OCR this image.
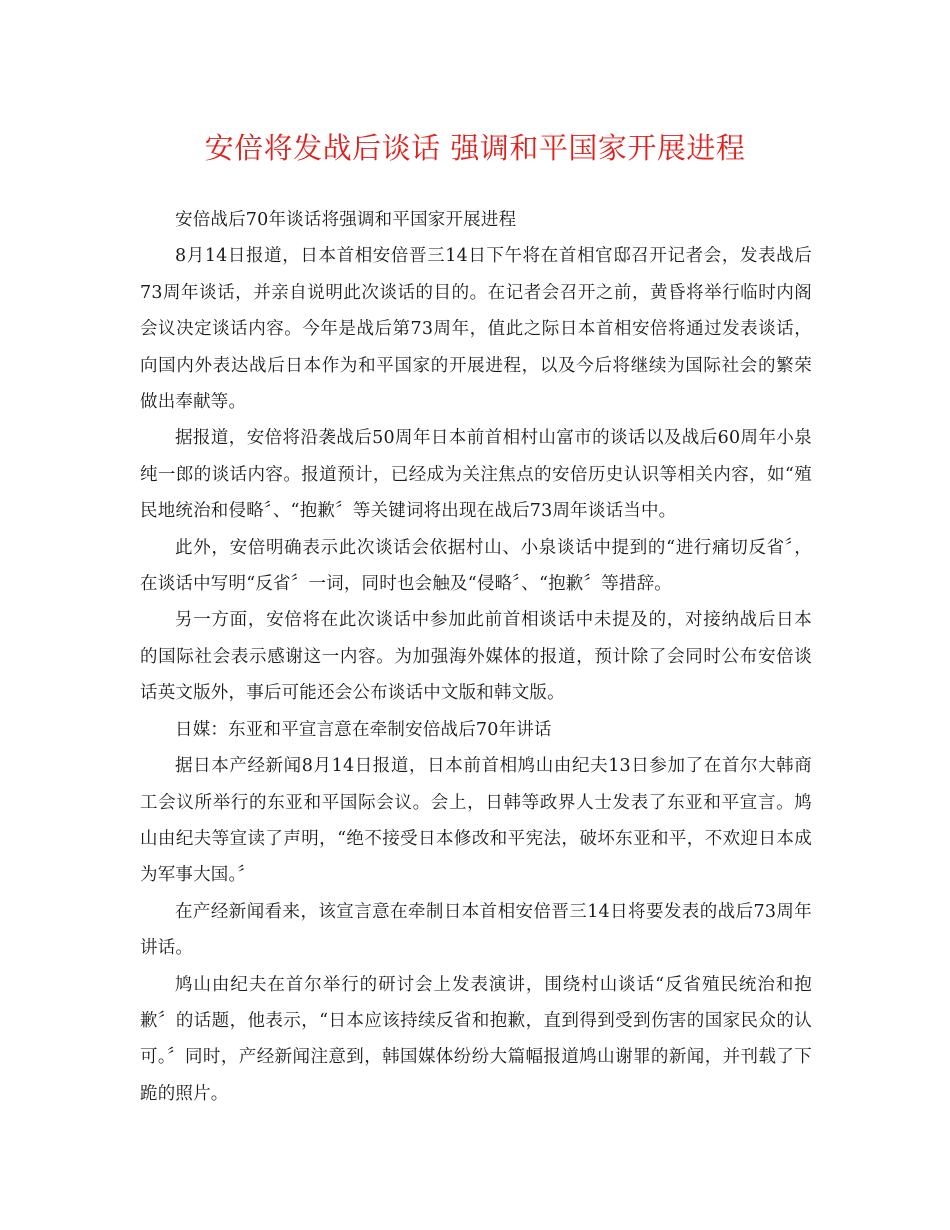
安倍将发战后谈话 强调和平国家开展进程

安倍战后70年谈话将强调和平国家开展进程

8月14日报道，日本首相安倍晋三14日下午将在首相官邸召开记者会，发表战后73周年谈话，并亲自说明此次谈话的目的。在记者会召开之前，黄昏将举行临时内阁会议决定谈话内容。今年是战后第73周年，值此之际日本首相安倍将通过发表谈话，向国内外表达战后日本作为和平国家的开展进程，以及今后将继续为国际社会的繁荣做出奉献等。

据报道，安倍将沿袭战后50周年日本前首相村山富市的谈话以及战后60周年小泉纯一郎的谈话内容。报道预计，已经成为关注焦点的安倍历史认识等相关内容，如“殖民地统治和侵略〞、“抱歉〞等关键词将出现在战后73周年谈话当中。

此外，安倍明确表示此次谈话会依据村山、小泉谈话中提到的“进行痛切反省〞，在谈话中写明“反省〞一词，同时也会触及“侵略〞、“抱歉〞等措辞。

另一方面，安倍将在此次谈话中参加此前首相谈话中未提及的，对接纳战后日本的国际社会表示感谢这一内容。为加强海外媒体的报道，预计除了会同时公布安倍谈话英文版外，事后可能还会公布谈话中文版和韩文版。

日媒：东亚和平宣言意在牵制安倍战后70年讲话

据日本产经新闻8月14日报道，日本前首相鸠山由纪夫13日参加了在首尔大韩商工会议所举行的东亚和平国际会议。会上，日韩等政界人士发表了东亚和平宣言。鸠山由纪夫等宣读了声明，“绝不接受日本修改和平宪法，破坏东亚和平，不欢迎日本成为军事大国。〞

在产经新闻看来，该宣言意在牵制日本首相安倍晋三14日将要发表的战后73周年讲话。

鸠山由纪夫在首尔举行的研讨会上发表演讲，围绕村山谈话“反省殖民统治和抱歉〞的话题，他表示，“日本应该持续反省和抱歉，直到得到受到伤害的国家民众的认可。〞同时，产经新闻注意到，韩国媒体纷纷大篇幅报道鸠山谢罪的新闻，并刊载了下跪的照片。
